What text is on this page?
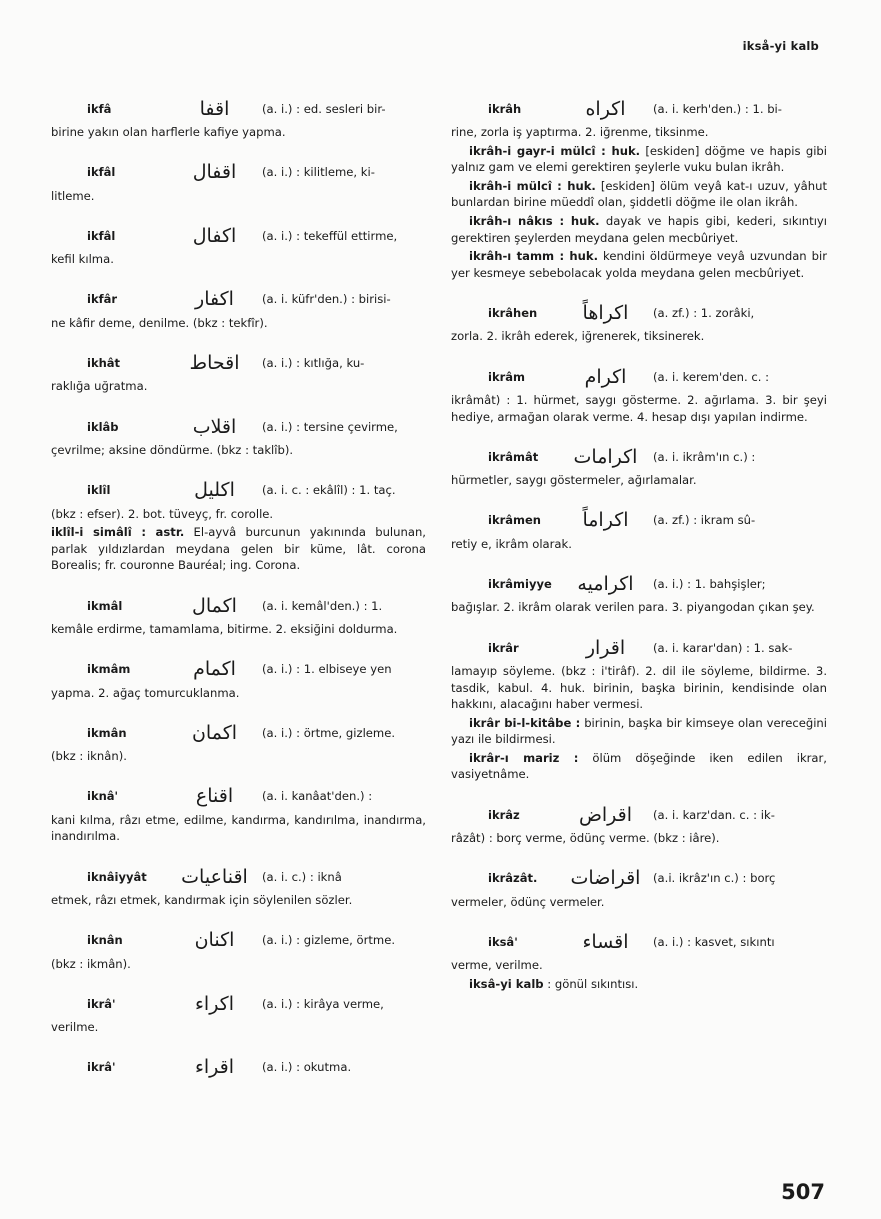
ikså-yi kalb
ikfâ	اقفا	(a. i.) : ed. sesleri bir-
birine yakın olan harflerle kafiye yapma.
ikfâl	اقفال	(a. i.) : kilitleme, ki-
litleme.
ikfâl	اكفال	(a. i.) : tekeffül ettirme,
kefil kılma.
ikfâr	اكفار	(a. i. küfr'den.) : birisi-
ne kâfir deme, denilme. (bkz : tekfîr).
ikhât	اقحاط	(a. i.) : kıtlığa, ku-
raklığa uğratma.
iklâb	اقلاب	(a. i.) : tersine çevirme,
çevrilme; aksine döndürme. (bkz : taklîb).
iklîl	اكليل	(a. i. c. : ekâlîl) : 1. taç.
(bkz : efser). 2. bot. tüveyç, fr. corolle.
iklîl-i simâlî : astr. El-ayvâ burcunun yakınında bulunan, parlak yıldızlardan meydana gelen bir küme, lât. corona Borealis; fr. couronne Bauréal; ing. Corona.
ikmâl	اكمال	(a. i. kemâl'den.) : 1.
kemâle erdirme, tamamlama, bitirme. 2. eksiğini doldurma.
ikmâm	اكمام	(a. i.) : 1. elbiseye yen
yapma. 2. ağaç tomurcuklanma.
ikmân	اكمان	(a. i.) : örtme, gizleme.
(bkz : iknân).
iknâ'	اقناع	(a. i. kanâat'den.) :
kani kılma, râzı etme, edilme, kandırma, kandırılma, inandırma, inandırılma.
iknâiyyât	اقناعيات	(a. i. c.) : iknâ
etmek, râzı etmek, kandırmak için söylenilen sözler.
iknân	اكنان	(a. i.) : gizleme, örtme.
(bkz : ikmân).
ikrâ'	اكراء	(a. i.) : kirâya verme,
verilme.
ikrâ'	اقراء	(a. i.) : okutma.
ikrâh	اكراه	(a. i. kerh'den.) : 1. bi-
rine, zorla iş yaptırma. 2. iğrenme, tiksinme.
ikrâh-i gayr-i mülcî : huk. [eskiden] döğme ve hapis gibi yalnız gam ve elemi gerektiren şeylerle vuku bulan ikrâh.
ikrâh-i mülcî : huk. [eskiden] ölüm veyâ kat-ı uzuv, yâhut bunlardan birine müeddî olan, şiddetli döğme ile olan ikrâh.
ikrâh-ı nâkıs : huk. dayak ve hapis gibi, kederi, sıkıntıyı gerektiren şeylerden meydana gelen mecbûriyet.
ikrâh-ı tamm : huk. kendini öldürmeye veyâ uzvundan bir yer kesmeye sebebolacak yolda meydana gelen mecbûriyet.
ikrâhen	اكراهاً	(a. zf.) : 1. zorâki,
zorla. 2. ikrâh ederek, iğrenerek, tiksinerek.
ikrâm	اكرام	(a. i. kerem'den. c. :
ikrâmât) : 1. hürmet, saygı gösterme. 2. ağırlama. 3. bir şeyi hediye, armağan olarak verme. 4. hesap dışı yapılan indirme.
ikrâmât	اكرامات	(a. i. ikrâm'ın c.) :
hürmetler, saygı göstermeler, ağırlamalar.
ikrâmen	اكراماً	(a. zf.) : ikram sû-
retiy e, ikrâm olarak.
ikrâmiyye	اكراميه	(a. i.) : 1. bahşişler;
bağışlar. 2. ikrâm olarak verilen para. 3. piyangodan çıkan şey.
ikrâr	اقرار	(a. i. karar'dan) : 1. sak-
lamayıp söyleme. (bkz : i'tirâf). 2. dil ile söyleme, bildirme. 3. tasdik, kabul. 4. huk. birinin, başka birinin, kendisinde olan hakkını, alacağını haber vermesi.
ikrâr bi-l-kitâbe : birinin, başka bir kimseye olan vereceğini yazı ile bildirmesi.
ikrâr-ı mariz : ölüm döşeğinde iken edilen ikrar, vasiyetnâme.
ikrâz	اقراض	(a. i. karz'dan. c. : ik-
râzât) : borç verme, ödünç verme. (bkz : iâre).
ikrâzât.	اقراضات	(a.i. ikrâz'ın c.) : borç
vermeler, ödünç vermeler.
iksâ'	اقساء	(a. i.) : kasvet, sıkıntı
verme, verilme.
iksâ-yi kalb : gönül sıkıntısı.
507
